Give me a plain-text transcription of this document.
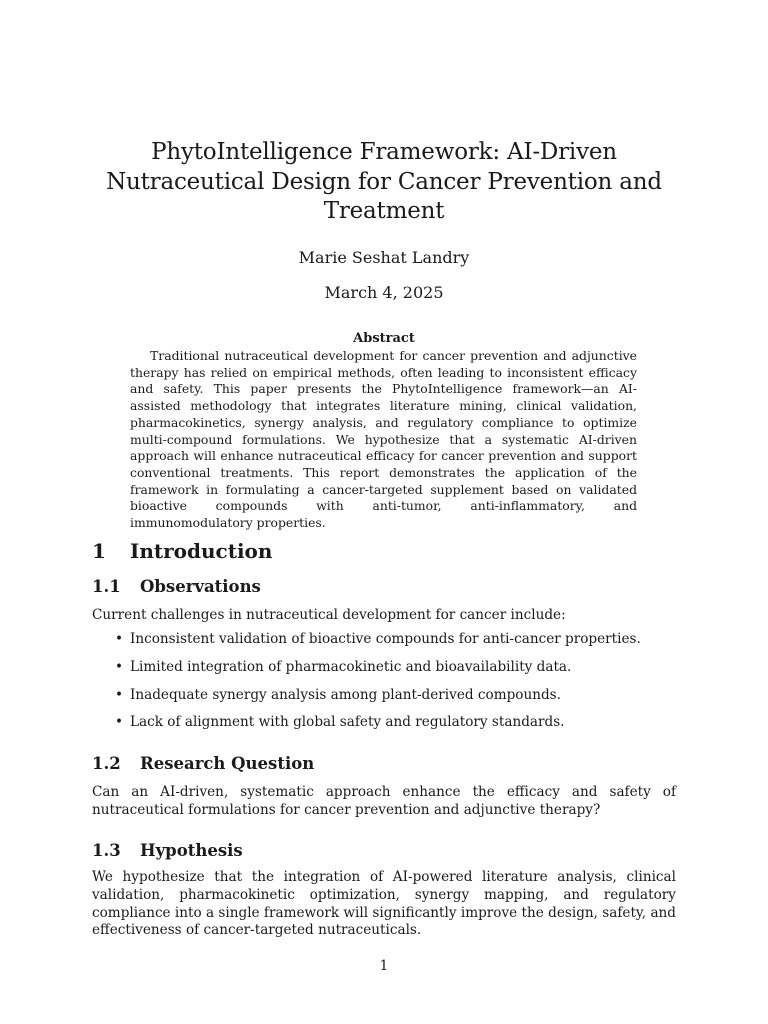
PhytoIntelligence Framework: AI-Driven Nutraceutical Design for Cancer Prevention and Treatment
Marie Seshat Landry
March 4, 2025
Abstract
Traditional nutraceutical development for cancer prevention and adjunctive therapy has relied on empirical methods, often leading to inconsistent efficacy and safety. This paper presents the PhytoIntelligence framework—an AI-assisted methodology that integrates literature mining, clinical validation, pharmacokinetics, synergy analysis, and regulatory compliance to optimize multi-compound formulations. We hypothesize that a systematic AI-driven approach will enhance nutraceutical efficacy for cancer prevention and support conventional treatments. This report demonstrates the application of the framework in formulating a cancer-targeted supplement based on validated bioactive compounds with anti-tumor, anti-inflammatory, and immunomodulatory properties.
1 Introduction
1.1 Observations
Current challenges in nutraceutical development for cancer include:
• Inconsistent validation of bioactive compounds for anti-cancer properties.
• Limited integration of pharmacokinetic and bioavailability data.
• Inadequate synergy analysis among plant-derived compounds.
• Lack of alignment with global safety and regulatory standards.
1.2 Research Question
Can an AI-driven, systematic approach enhance the efficacy and safety of nutraceutical formulations for cancer prevention and adjunctive therapy?
1.3 Hypothesis
We hypothesize that the integration of AI-powered literature analysis, clinical validation, pharmacokinetic optimization, synergy mapping, and regulatory compliance into a single framework will significantly improve the design, safety, and effectiveness of cancer-targeted nutraceuticals.
1
